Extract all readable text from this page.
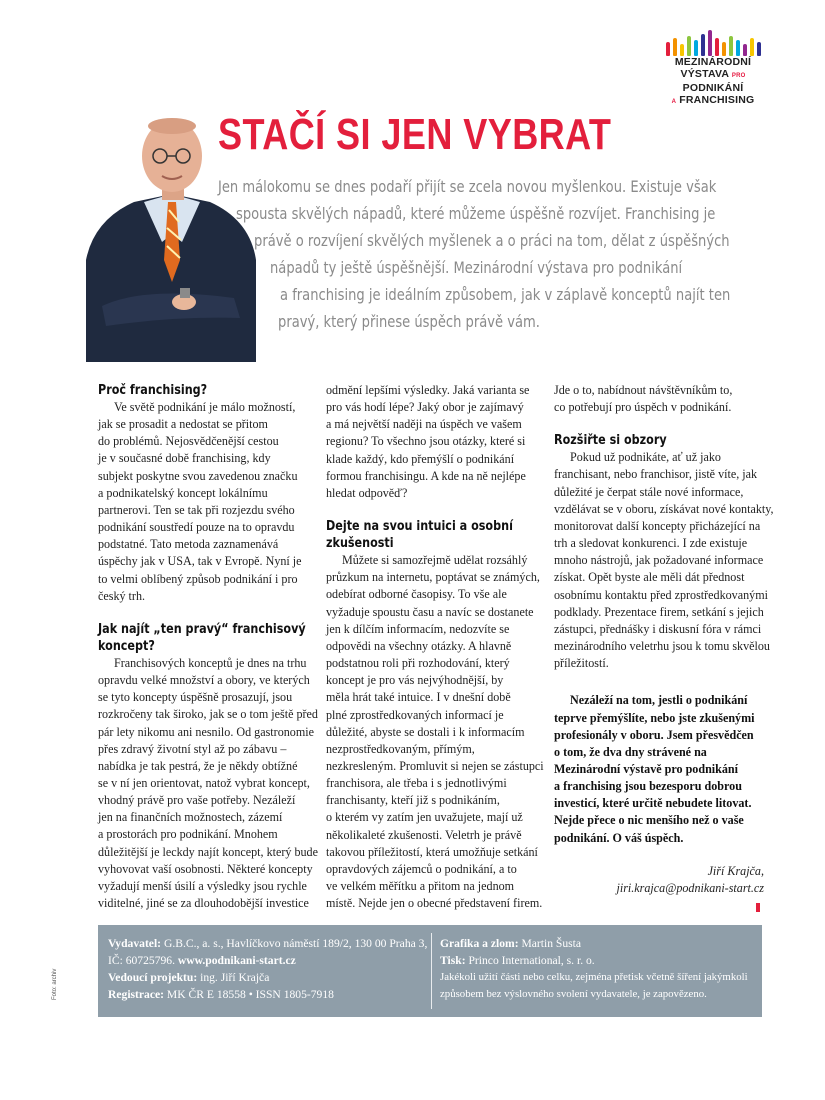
MEZINÁRODNÍ
VÝSTAVA PRO PODNIKÁNÍ
A FRANCHISING
STAČÍ SI JEN VYBRAT
Jen málokomu se dnes podaří přijít se zcela novou myšlenkou. Existuje však
spousta skvělých nápadů, které můžeme úspěšně rozvíjet. Franchising je
právě o rozvíjení skvělých myšlenek a o práci na tom, dělat z úspěšných
nápadů ty ještě úspěšnější. Mezinárodní výstava pro podnikání
a franchising je ideálním způsobem, jak v záplavě konceptů najít ten
pravý, který přinese úspěch právě vám.
Proč franchising?

Ve světě podnikání je málo možností,
jak se prosadit a nedostat se přitom
do problémů. Nejosvědčenější cestou
je v současné době franchising, kdy
subjekt poskytne svou zavedenou značku
a podnikatelský koncept lokálnímu
partnerovi. Ten se tak při rozjezdu svého
podnikání soustředí pouze na to opravdu
podstatné. Tato metoda zaznamenává
úspěchy jak v USA, tak v Evropě. Nyní je
to velmi oblíbený způsob podnikání i pro
český trh.

Jak najít „ten pravý“ franchisový
koncept?

Franchisových konceptů je dnes na trhu
opravdu velké množství a obory, ve kterých
se tyto koncepty úspěšně prosazují, jsou
rozkročeny tak široko, jak se o tom ještě před
pár lety nikomu ani nesnilo. Od gastronomie
přes zdravý životní styl až po zábavu –
nabídka je tak pestrá, že je někdy obtížné
se v ní jen orientovat, natož vybrat koncept,
vhodný právě pro vaše potřeby. Nezáleží
jen na finančních možnostech, zázemí
a prostorách pro podnikání. Mnohem
důležitější je leckdy najít koncept, který bude
vyhovovat vaší osobnosti. Některé koncepty
vyžadují menší úsilí a výsledky jsou rychle
viditelné, jiné se za dlouhodobější investice

odmění lepšími výsledky. Jaká varianta se
pro vás hodí lépe? Jaký obor je zajímavý
a má největší naději na úspěch ve vašem
regionu? To všechno jsou otázky, které si
klade každý, kdo přemýšlí o podnikání
formou franchisingu. A kde na ně nejlépe
hledat odpověď?

Dejte na svou intuici a osobní
zkušenosti

Můžete si samozřejmě udělat rozsáhlý
průzkum na internetu, poptávat se známých,
odebírat odborné časopisy. To vše ale
vyžaduje spoustu času a navíc se dostanete
jen k dílčím informacím, nedozvíte se
odpovědi na všechny otázky. A hlavně
podstatnou roli při rozhodování, který
koncept je pro vás nejvýhodnější, by
měla hrát také intuice. I v dnešní době
plné zprostředkovaných informací je
důležité, abyste se dostali i k informacím
nezprostředkovaným, přímým,
nezkresleným. Promluvit si nejen se zástupci
franchisora, ale třeba i s jednotlivými
franchisanty, kteří již s podnikáním,
o kterém vy zatím jen uvažujete, mají už
několikaleté zkušenosti. Veletrh je právě
takovou příležitostí, která umožňuje setkání
opravdových zájemců o podnikání, a to
ve velkém měřítku a přitom na jednom
místě. Nejde jen o obecné představení firem.

Jde o to, nabídnout návštěvníkům to,
co potřebují pro úspěch v podnikání.

Rozšiřte si obzory

Pokud už podnikáte, ať už jako
franchisant, nebo franchisor, jistě víte, jak
důležité je čerpat stále nové informace,
vzdělávat se v oboru, získávat nové kontakty,
monitorovat další koncepty přicházející na
trh a sledovat konkurenci. I zde existuje
mnoho nástrojů, jak požadované informace
získat. Opět byste ale měli dát přednost
osobnímu kontaktu před zprostředkovanými
podklady. Prezentace firem, setkání s jejich
zástupci, přednášky i diskusní fóra v rámci
mezinárodního veletrhu jsou k tomu skvělou
příležitostí.

Nezáleží na tom, jestli o podnikání
teprve přemýšlíte, nebo jste zkušenými
profesionály v oboru. Jsem přesvědčen
o tom, že dva dny strávené na
Mezinárodní výstavě pro podnikání
a franchising jsou bezesporu dobrou
investicí, které určitě nebudete litovat.
Nejde přece o nic menšího než o vaše
podnikání. O váš úspěch.

Jiří Krajča,
jiri.krajca@podnikani-start.cz
Vydavatel: G.B.C., a. s., Havlíčkovo náměstí 189/2, 130 00 Praha 3,
IČ: 60725796. www.podnikani-start.cz
Vedoucí projektu: ing. Jiří Krajča
Registrace: MK ČR E 18558 • ISSN 1805-7918
Grafika a zlom: Martin Šusta
Tisk: Princo International, s. r. o.
Jakékoli užití části nebo celku, zejména přetisk včetně šíření jakýmkoli
způsobem bez výslovného svolení vydavatele, je zapovězeno.
Foto: archiv
